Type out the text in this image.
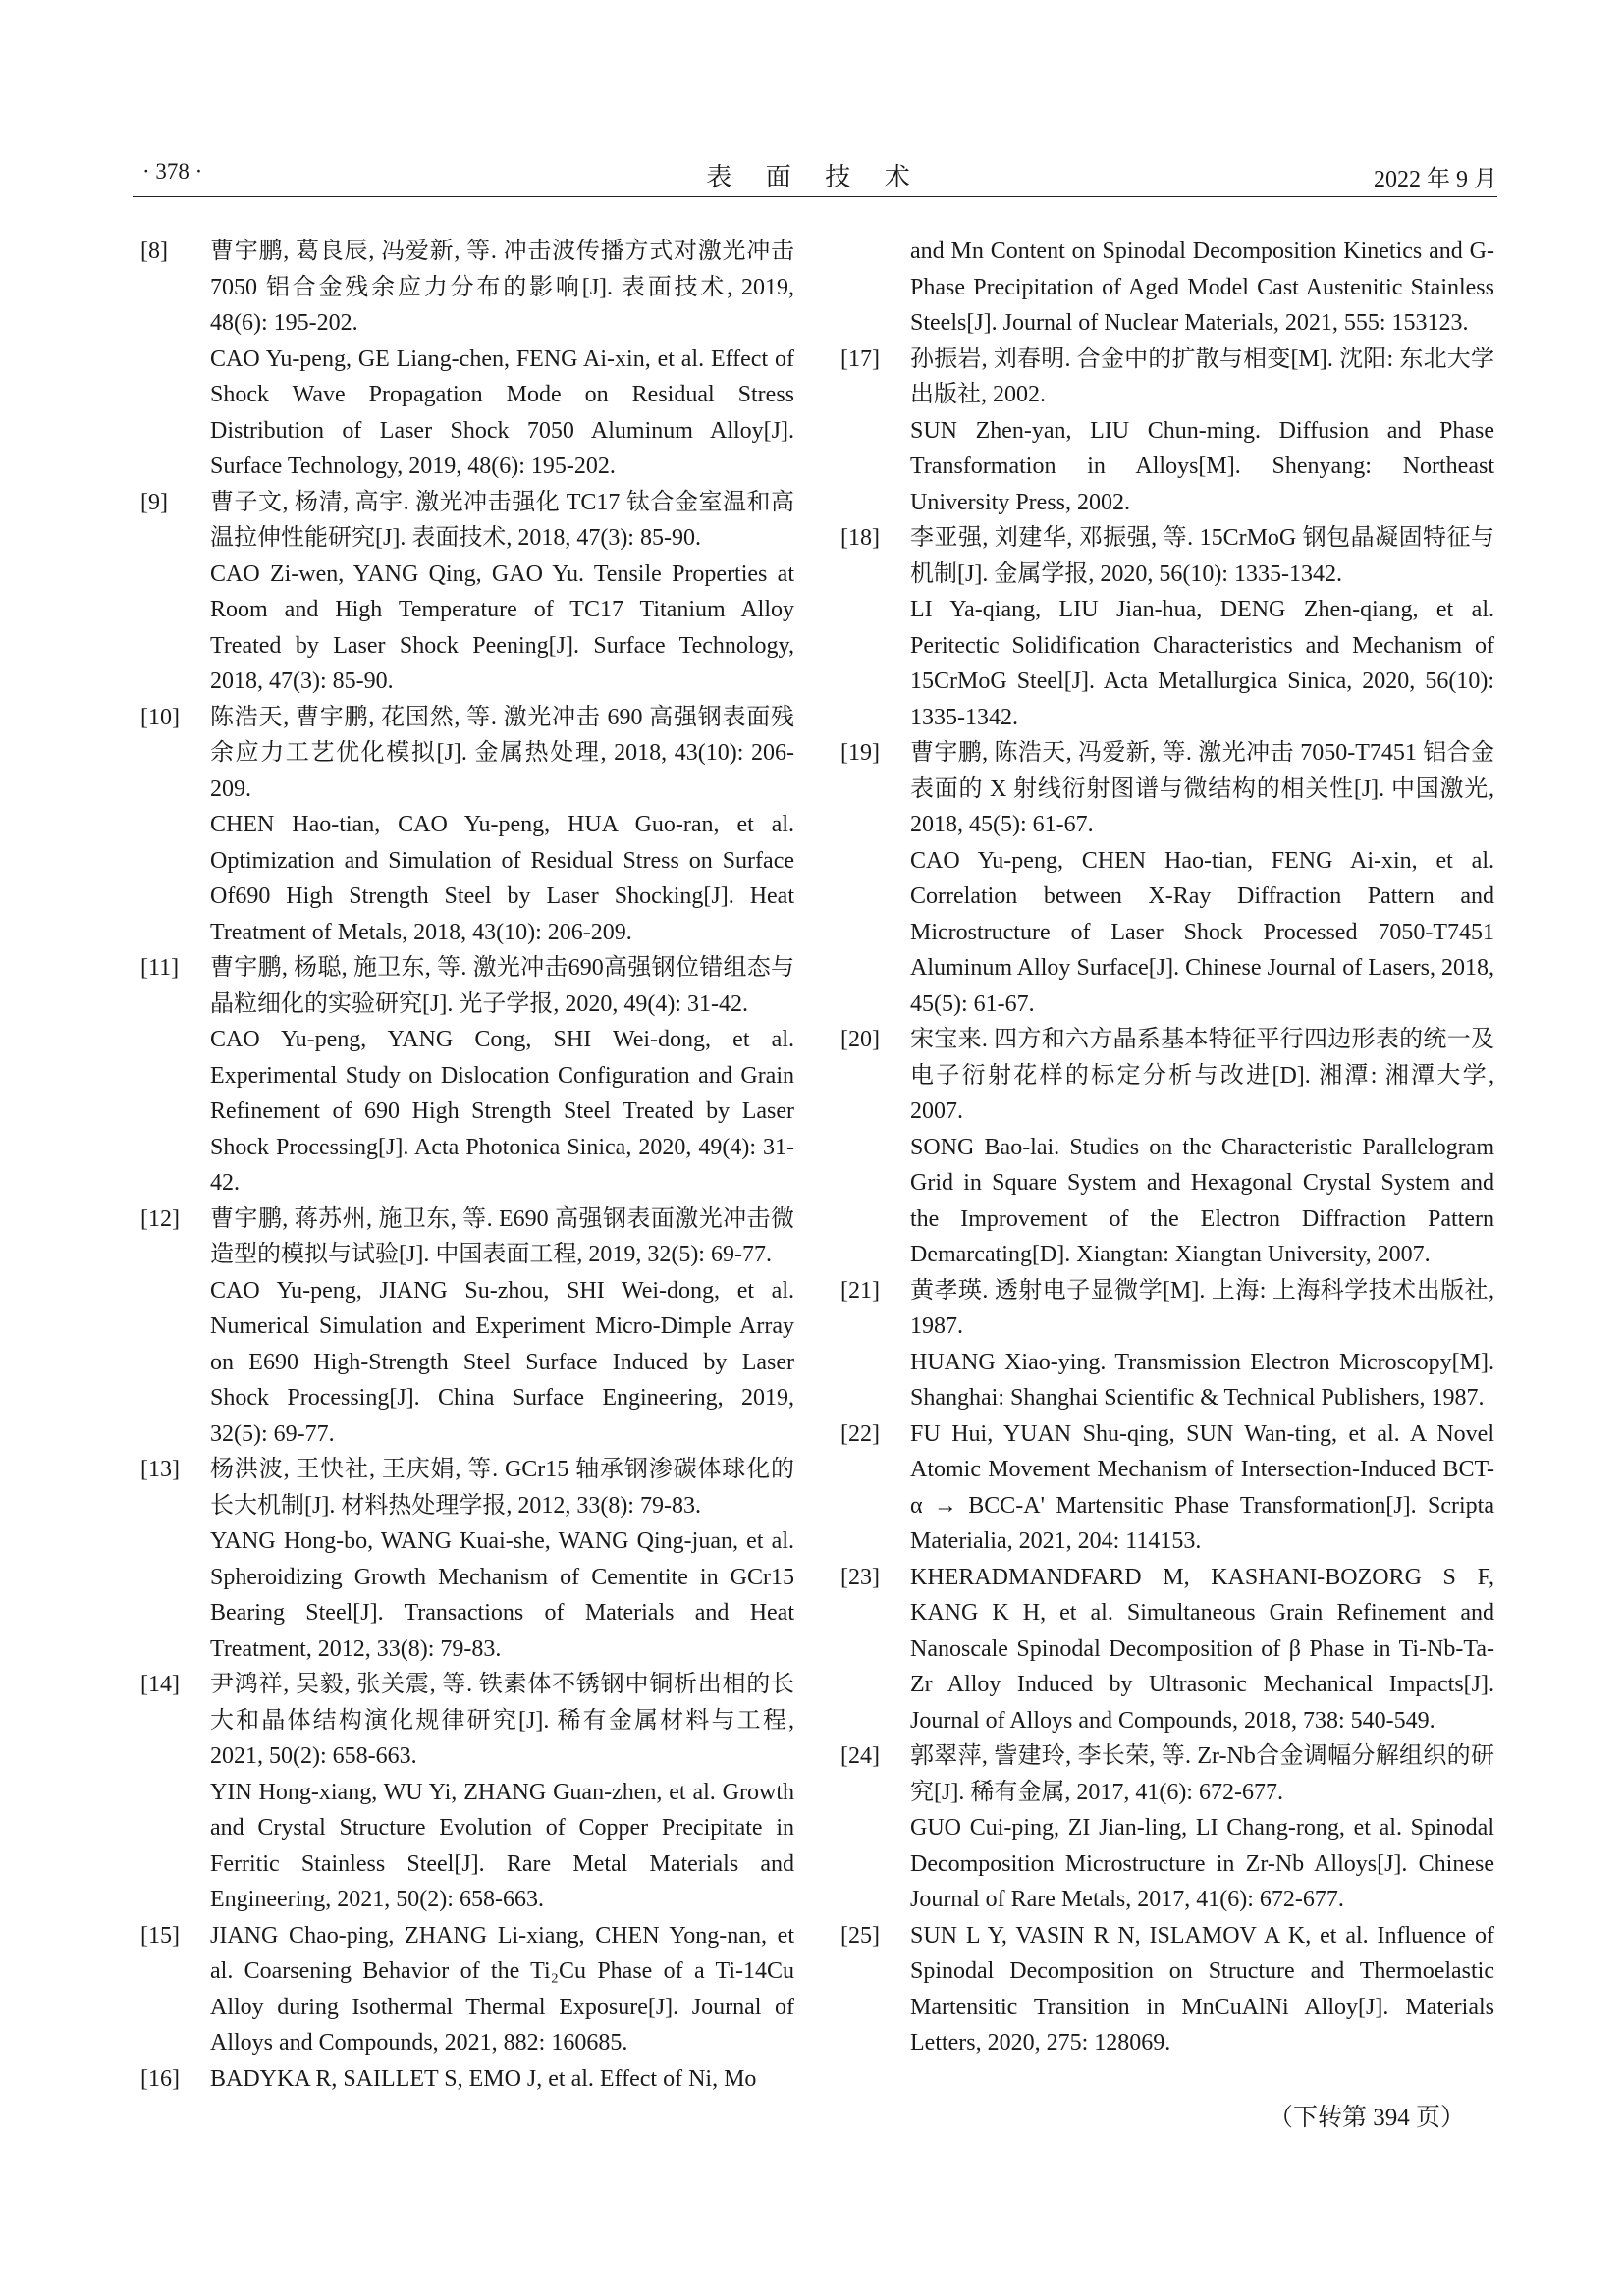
· 378 ·	表 面 技 术	2022 年 9 月
[8] 曹宇鹏, 葛良辰, 冯爱新, 等. 冲击波传播方式对激光冲击 7050 铝合金残余应力分布的影响[J]. 表面技术, 2019, 48(6): 195-202.
CAO Yu-peng, GE Liang-chen, FENG Ai-xin, et al. Effect of Shock Wave Propagation Mode on Residual Stress Distribution of Laser Shock 7050 Aluminum Alloy[J]. Surface Technology, 2019, 48(6): 195-202.
[9] 曹子文, 杨清, 高宇. 激光冲击强化 TC17 钛合金室温和高温拉伸性能研究[J]. 表面技术, 2018, 47(3): 85-90.
CAO Zi-wen, YANG Qing, GAO Yu. Tensile Properties at Room and High Temperature of TC17 Titanium Alloy Treated by Laser Shock Peening[J]. Surface Technology, 2018, 47(3): 85-90.
[10] 陈浩天, 曹宇鹏, 花国然, 等. 激光冲击 690 高强钢表面残余应力工艺优化模拟[J]. 金属热处理, 2018, 43(10): 206-209.
CHEN Hao-tian, CAO Yu-peng, HUA Guo-ran, et al. Optimization and Simulation of Residual Stress on Surface Of690 High Strength Steel by Laser Shocking[J]. Heat Treatment of Metals, 2018, 43(10): 206-209.
[11] 曹宇鹏, 杨聪, 施卫东, 等. 激光冲击690高强钢位错组态与晶粒细化的实验研究[J]. 光子学报, 2020, 49(4): 31-42.
CAO Yu-peng, YANG Cong, SHI Wei-dong, et al. Experimental Study on Dislocation Configuration and Grain Refinement of 690 High Strength Steel Treated by Laser Shock Processing[J]. Acta Photonica Sinica, 2020, 49(4): 31-42.
[12] 曹宇鹏, 蒋苏州, 施卫东, 等. E690 高强钢表面激光冲击微造型的模拟与试验[J]. 中国表面工程, 2019, 32(5): 69-77.
CAO Yu-peng, JIANG Su-zhou, SHI Wei-dong, et al. Numerical Simulation and Experiment Micro-Dimple Array on E690 High-Strength Steel Surface Induced by Laser Shock Processing[J]. China Surface Engineering, 2019, 32(5): 69-77.
[13] 杨洪波, 王快社, 王庆娟, 等. GCr15 轴承钢渗碳体球化的长大机制[J]. 材料热处理学报, 2012, 33(8): 79-83.
YANG Hong-bo, WANG Kuai-she, WANG Qing-juan, et al. Spheroidizing Growth Mechanism of Cementite in GCr15 Bearing Steel[J]. Transactions of Materials and Heat Treatment, 2012, 33(8): 79-83.
[14] 尹鸿祥, 吴毅, 张关震, 等. 铁素体不锈钢中铜析出相的长大和晶体结构演化规律研究[J]. 稀有金属材料与工程, 2021, 50(2): 658-663.
YIN Hong-xiang, WU Yi, ZHANG Guan-zhen, et al. Growth and Crystal Structure Evolution of Copper Precipitate in Ferritic Stainless Steel[J]. Rare Metal Materials and Engineering, 2021, 50(2): 658-663.
[15] JIANG Chao-ping, ZHANG Li-xiang, CHEN Yong-nan, et al. Coarsening Behavior of the Ti₂Cu Phase of a Ti-14Cu Alloy during Isothermal Thermal Exposure[J]. Journal of Alloys and Compounds, 2021, 882: 160685.
[16] BADYKA R, SAILLET S, EMO J, et al. Effect of Ni, Mo
and Mn Content on Spinodal Decomposition Kinetics and G-Phase Precipitation of Aged Model Cast Austenitic Stainless Steels[J]. Journal of Nuclear Materials, 2021, 555: 153123.
[17] 孙振岩, 刘春明. 合金中的扩散与相变[M]. 沈阳: 东北大学出版社, 2002.
SUN Zhen-yan, LIU Chun-ming. Diffusion and Phase Transformation in Alloys[M]. Shenyang: Northeast University Press, 2002.
[18] 李亚强, 刘建华, 邓振强, 等. 15CrMoG 钢包晶凝固特征与机制[J]. 金属学报, 2020, 56(10): 1335-1342.
LI Ya-qiang, LIU Jian-hua, DENG Zhen-qiang, et al. Peritectic Solidification Characteristics and Mechanism of 15CrMoG Steel[J]. Acta Metallurgica Sinica, 2020, 56(10): 1335-1342.
[19] 曹宇鹏, 陈浩天, 冯爱新, 等. 激光冲击 7050-T7451 铝合金表面的 X 射线衍射图谱与微结构的相关性[J]. 中国激光, 2018, 45(5): 61-67.
CAO Yu-peng, CHEN Hao-tian, FENG Ai-xin, et al. Correlation between X-Ray Diffraction Pattern and Microstructure of Laser Shock Processed 7050-T7451 Aluminum Alloy Surface[J]. Chinese Journal of Lasers, 2018, 45(5): 61-67.
[20] 宋宝来. 四方和六方晶系基本特征平行四边形表的统一及电子衍射花样的标定分析与改进[D]. 湘潭: 湘潭大学, 2007.
SONG Bao-lai. Studies on the Characteristic Parallelogram Grid in Square System and Hexagonal Crystal System and the Improvement of the Electron Diffraction Pattern Demarcating[D]. Xiangtan: Xiangtan University, 2007.
[21] 黄孝瑛. 透射电子显微学[M]. 上海: 上海科学技术出版社, 1987.
HUANG Xiao-ying. Transmission Electron Microscopy[M]. Shanghai: Shanghai Scientific & Technical Publishers, 1987.
[22] FU Hui, YUAN Shu-qing, SUN Wan-ting, et al. A Novel Atomic Movement Mechanism of Intersection-Induced BCT-α → BCC-A' Martensitic Phase Transformation[J]. Scripta Materialia, 2021, 204: 114153.
[23] KHERADMANDFARD M, KASHANI-BOZORG S F, KANG K H, et al. Simultaneous Grain Refinement and Nanoscale Spinodal Decomposition of β Phase in Ti-Nb-Ta-Zr Alloy Induced by Ultrasonic Mechanical Impacts[J]. Journal of Alloys and Compounds, 2018, 738: 540-549.
[24] 郭翠萍, 訾建玲, 李长荣, 等. Zr-Nb合金调幅分解组织的研究[J]. 稀有金属, 2017, 41(6): 672-677.
GUO Cui-ping, ZI Jian-ling, LI Chang-rong, et al. Spinodal Decomposition Microstructure in Zr-Nb Alloys[J]. Chinese Journal of Rare Metals, 2017, 41(6): 672-677.
[25] SUN L Y, VASIN R N, ISLAMOV A K, et al. Influence of Spinodal Decomposition on Structure and Thermoelastic Martensitic Transition in MnCuAlNi Alloy[J]. Materials Letters, 2020, 275: 128069.
（下转第 394 页）
